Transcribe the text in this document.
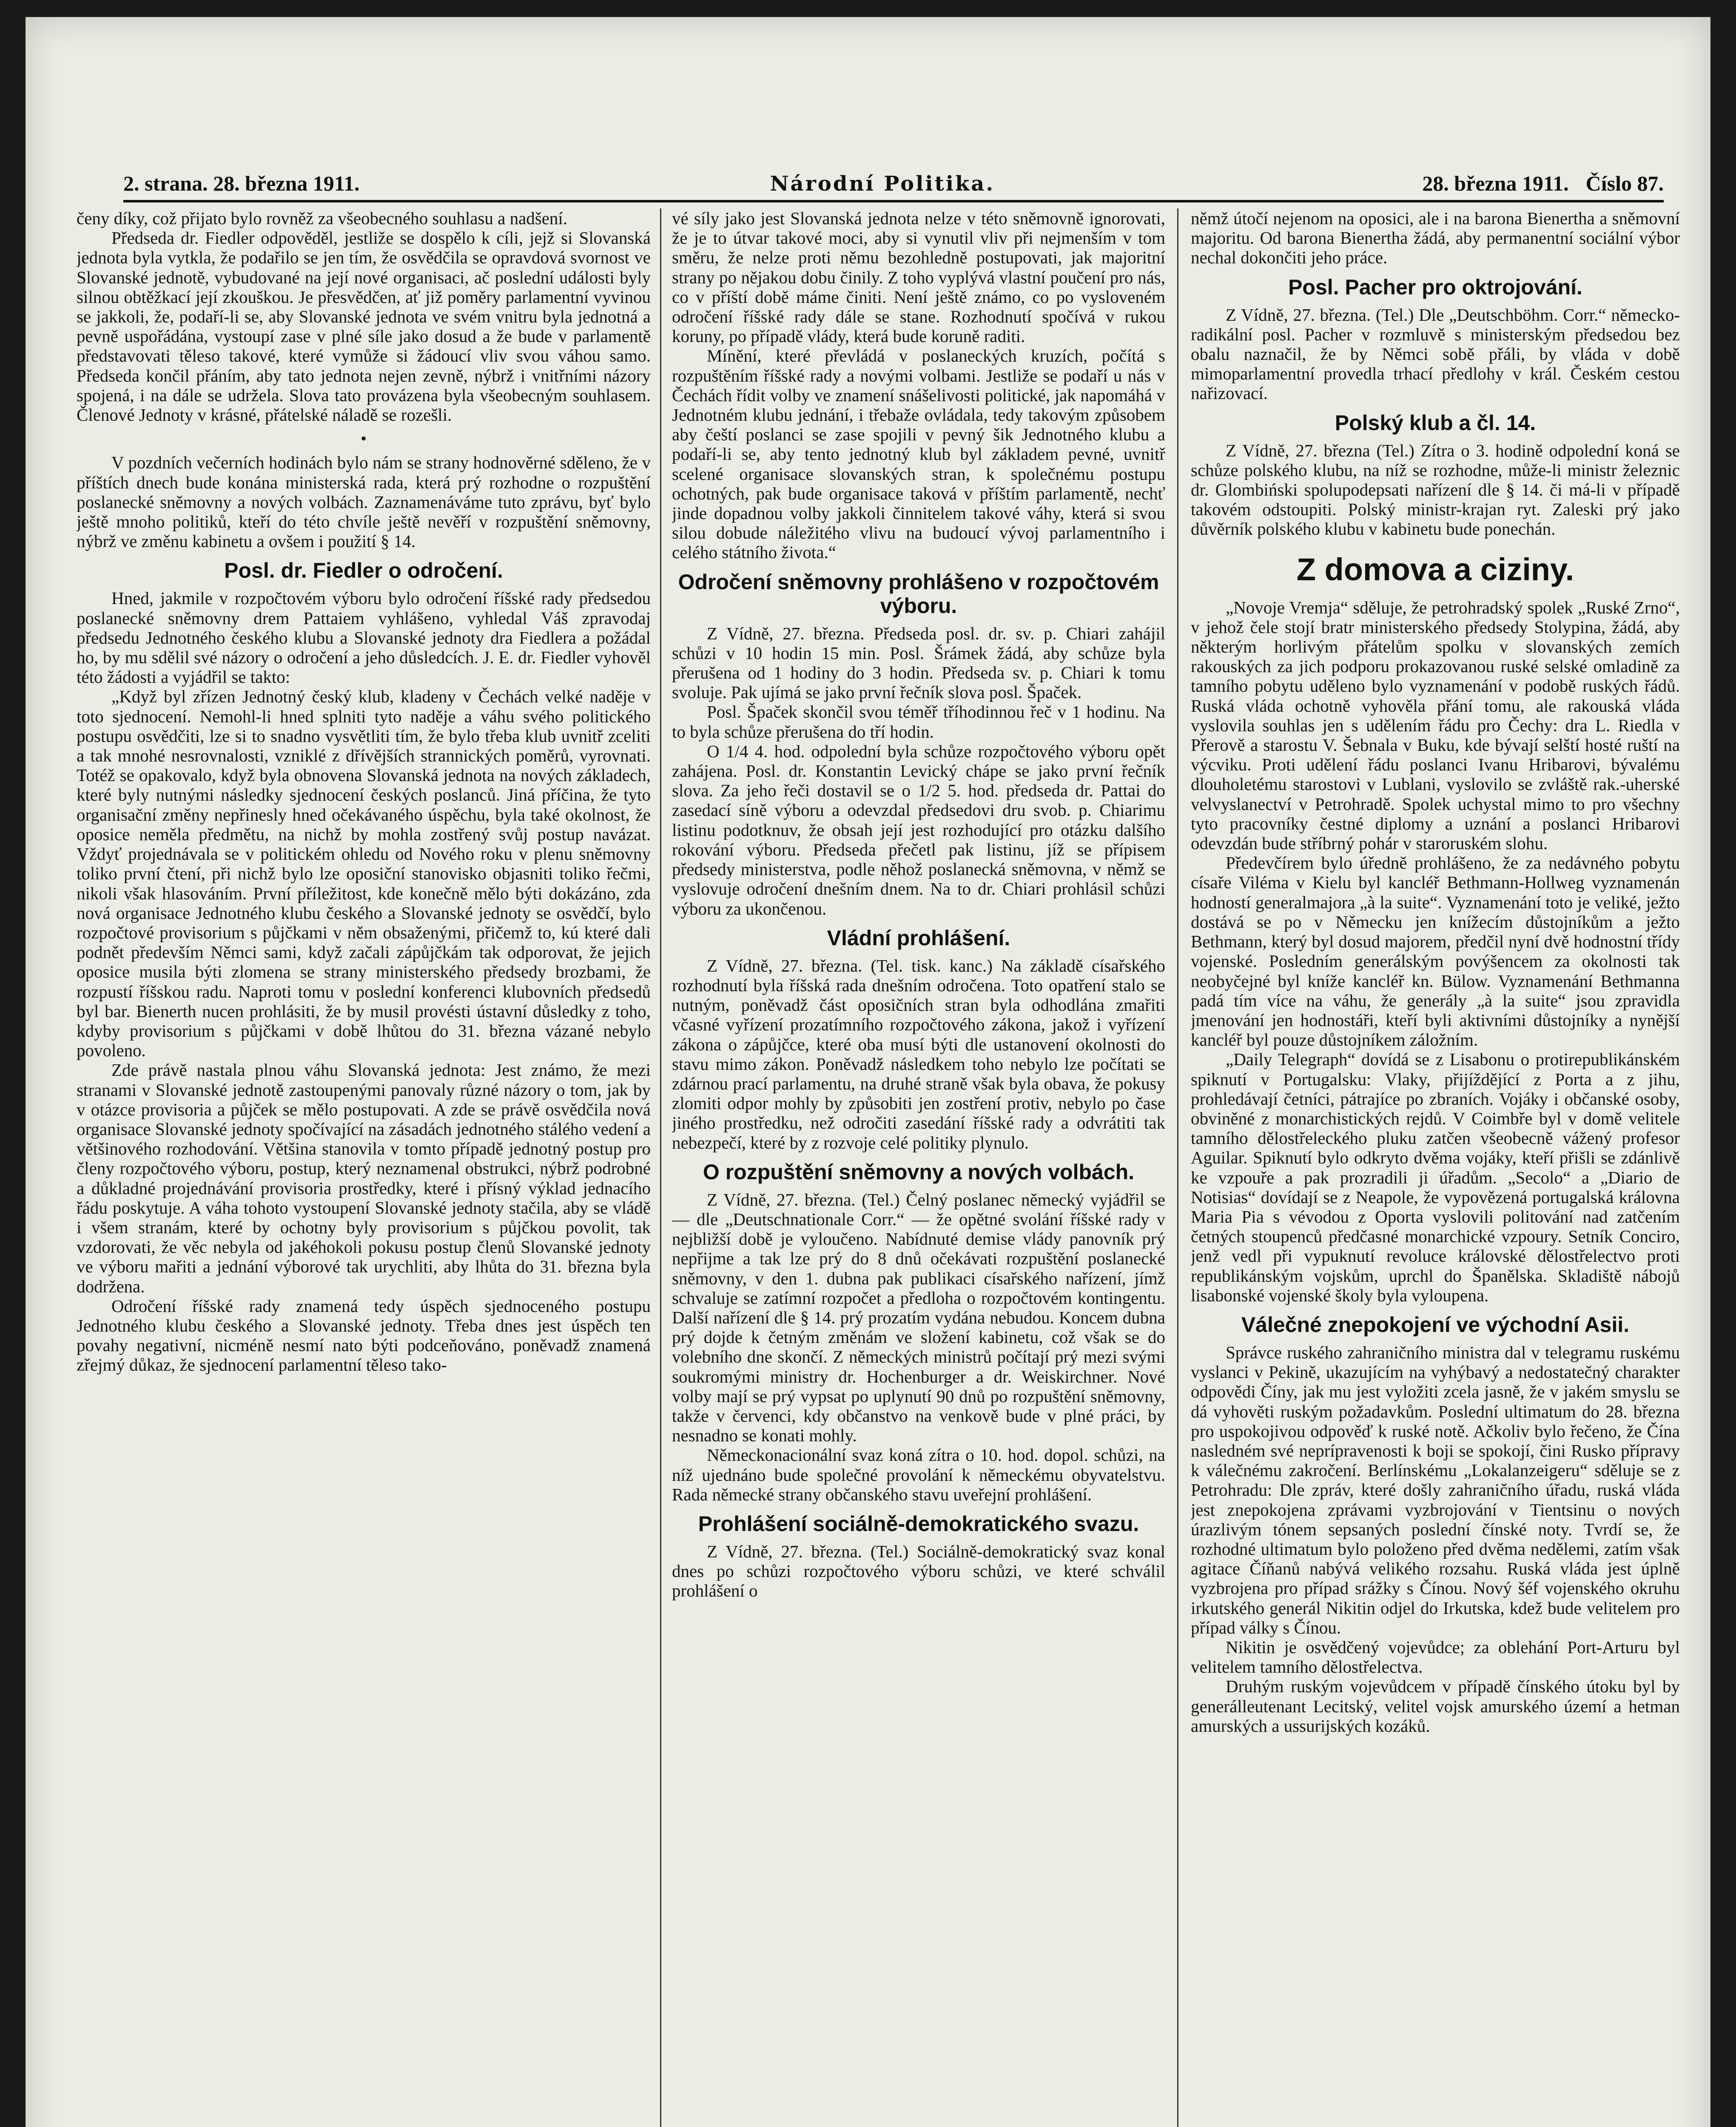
2. strana. 28. března 1911.	Národní Politika.	28. března 1911. Číslo 87.

čeny díky, což přijato bylo rovněž za všeobecného souhlasu a nadšení.

Předseda dr. Fiedler odpověděl, jestliže se dospělo k cíli, jejž si Slovanská jednota byla vytkla, že podařilo se jen tím, že osvědčila se opravdová svornost ve Slovanské jednotě, vybudované na její nové organisaci, ač poslední události byly silnou obtěžkací její zkouškou. Je přesvědčen, ať již poměry parlamentní vyvinou se jakkoli, že, podaří-li se, aby Slovanské jednota ve svém vnitru byla jednotná a pevně uspořádána, vystoupí zase v plné síle jako dosud a že bude v parlamentě představovati těleso takové, které vymůže si žádoucí vliv svou váhou samo. Předseda končil přáním, aby tato jednota nejen zevně, nýbrž i vnitřními názory spojená, i na dále se udržela. Slova tato provázena byla všeobecným souhlasem. Členové Jednoty v krásné, přátelské náladě se rozešli.

•

V pozdních večerních hodinách bylo nám se strany hodnověrné sděleno, že v příštích dnech bude konána ministerská rada, která prý rozhodne o rozpuštění poslanecké sněmovny a nových volbách. Zaznamenáváme tuto zprávu, byť bylo ještě mnoho politiků, kteří do této chvíle ještě nevěří v rozpuštění sněmovny, nýbrž ve změnu kabinetu a ovšem i použití § 14.

Posl. dr. Fiedler o odročení.

Hned, jakmile v rozpočtovém výboru bylo odročení říšské rady předsedou poslanecké sněmovny drem Pattaiem vyhlášeno, vyhledal Váš zpravodaj předsedu Jednotného českého klubu a Slovanské jednoty dra Fiedlera a požádal ho, by mu sdělil své názory o odročení a jeho důsledcích. J. E. dr. Fiedler vyhověl této žádosti a vyjádřil se takto:

„Když byl zřízen Jednotný český klub, kladeny v Čechách velké naděje v toto sjednocení. Nemohl-li hned splniti tyto naděje a váhu svého politického postupu osvědčiti, lze si to snadno vysvětliti tím, že bylo třeba klub uvnitř zceliti a tak mnohé nesrovnalosti, vzniklé z dřívějších strannických poměrů, vyrovnati. Totéž se opakovalo, když byla obnovena Slovanská jednota na nových základech, které byly nutnými následky sjednocení českých poslanců. Jiná příčina, že tyto organisační změny nepřinesly hned očekávaného úspěchu, byla také okolnost, že oposice neměla předmětu, na nichž by mohla zostřený svůj postup navázat. Vždyť projednávala se v politickém ohledu od Nového roku v plenu sněmovny toliko první čtení, při nichž bylo lze oposiční stanovisko objasniti toliko řečmi, nikoli však hlasováním. První příležitost, kde konečně mělo býti dokázáno, zda nová organisace Jednotného klubu českého a Slovanské jednoty se osvědčí, bylo rozpočtové provisorium s půjčkami v něm obsaženými, přičemž to, kú které dali podnět především Němci sami, když začali zápůjčkám tak odporovat, že jejich oposice musila býti zlomena se strany ministerského předsedy brozbami, že rozpustí říšskou radu. Naproti tomu v poslední konferenci klubovních předsedů byl bar. Bienerth nucen prohlásiti, že by musil provésti ústavní důsledky z toho, kdyby provisorium s půjčkami v době lhůtou do 31. března vázané nebylo povoleno.

Zde právě nastala plnou váhu Slovanská jednota: Jest známo, že mezi stranami v Slovanské jednotě zastoupenými panovaly různé názory o tom, jak by v otázce provisoria a půjček se mělo postupovati. A zde se právě osvědčila nová organisace Slovanské jednoty spočívající na zásadách jednotného stálého vedení a většinového rozhodování. Většina stanovila v tomto případě jednotný postup pro členy rozpočtového výboru, postup, který neznamenal obstrukci, nýbrž podrobné a důkladné projednávání provisoria prostředky, které i přísný výklad jednacího řádu poskytuje. A váha tohoto vystoupení Slovanské jednoty stačila, aby se vládě i všem stranám, které by ochotny byly provisorium s půjčkou povolit, tak vzdorovati, že věc nebyla od jakéhokoli pokusu postup členů Slovanské jednoty ve výboru mařiti a jednání výborové tak urychliti, aby lhůta do 31. března byla dodržena.

Odročení říšské rady znamená tedy úspěch sjednoceného postupu Jednotného klubu českého a Slovanské jednoty. Třeba dnes jest úspěch ten povahy negativní, nicméně nesmí nato býti podceňováno, poněvadž znamená zřejmý důkaz, že sjednocení parlamentní těleso tako-

vé síly jako jest Slovanská jednota nelze v této sněmovně ignorovati, že je to útvar takové moci, aby si vynutil vliv při nejmenším v tom směru, že nelze proti němu bezohledně postupovati, jak majoritní strany po nějakou dobu činily. Z toho vyplývá vlastní poučení pro nás, co v příští době máme činiti. Není ještě známo, co po vysloveném odročení říšské rady dále se stane. Rozhodnutí spočívá v rukou koruny, po případě vlády, která bude koruně raditi.

Mínění, které převládá v poslaneckých kruzích, počítá s rozpuštěním říšské rady a novými volbami. Jestliže se podaří u nás v Čechách řídit volby ve znamení snášelivosti politické, jak napomáhá v Jednotném klubu jednání, i třebaže ovládala, tedy takovým způsobem aby čeští poslanci se zase spojili v pevný šik Jednotného klubu a podaří-li se, aby tento jednotný klub byl základem pevné, uvnitř scelené organisace slovanských stran, k společnému postupu ochotných, pak bude organisace taková v příštím parlamentě, nechť jinde dopadnou volby jakkoli činnitelem takové váhy, která si svou silou dobude náležitého vlivu na budoucí vývoj parlamentního i celého státního života.“

Odročení sněmovny prohlášeno v rozpočtovém výboru.

Z Vídně, 27. března. Předseda posl. dr. sv. p. Chiari zahájil schůzi v 10 hodin 15 min. Posl. Šrámek žádá, aby schůze byla přerušena od 1 hodiny do 3 hodin. Předseda sv. p. Chiari k tomu svoluje. Pak ujímá se jako první řečník slova posl. Špaček.

Posl. Špaček skončil svou téměř tříhodinnou řeč v 1 hodinu. Na to byla schůze přerušena do tří hodin.

O 1/4 4. hod. odpolední byla schůze rozpočtového výboru opět zahájena. Posl. dr. Konstantin Levický chápe se jako první řečník slova. Za jeho řeči dostavil se o 1/2 5. hod. předseda dr. Pattai do zasedací síně výboru a odevzdal předsedovi dru svob. p. Chiarimu listinu podotknuv, že obsah její jest rozhodující pro otázku dalšího rokování výboru. Předseda přečetl pak listinu, jíž se přípisem předsedy ministerstva, podle něhož poslanecká sněmovna, v němž se vyslovuje odročení dnešním dnem. Na to dr. Chiari prohlásil schůzi výboru za ukončenou.

Vládní prohlášení.

Z Vídně, 27. března. (Tel. tisk. kanc.) Na základě císařského rozhodnutí byla říšská rada dnešním odročena. Toto opatření stalo se nutným, poněvadž část oposičních stran byla odhodlána zmařiti včasné vyřízení prozatímního rozpočtového zákona, jakož i vyřízení zákona o zápůjčce, které oba musí býti dle ustanovení okolnosti do stavu mimo zákon. Poněvadž následkem toho nebylo lze počítati se zdárnou prací parlamentu, na druhé straně však byla obava, že pokusy zlomiti odpor mohly by způsobiti jen zostření protiv, nebylo po čase jiného prostředku, než odročiti zasedání říšské rady a odvrátiti tak nebezpečí, které by z rozvoje celé politiky plynulo.

O rozpuštění sněmovny a nových volbách.

Z Vídně, 27. března. (Tel.) Čelný poslanec německý vyjádřil se — dle „Deutschnationale Corr.“ — že opětné svolání říšské rady v nejbližší době je vyloučeno. Nabídnuté demise vlády panovník prý nepřijme a tak lze prý do 8 dnů očekávati rozpuštění poslanecké sněmovny, v den 1. dubna pak publikaci císařského nařízení, jímž schvaluje se zatímní rozpočet a předloha o rozpočtovém kontingentu. Další nařízení dle § 14. prý prozatím vydána nebudou. Koncem dubna prý dojde k četným změnám ve složení kabinetu, což však se do volebního dne skončí. Z německých ministrů počítají prý mezi svými soukromými ministry dr. Hochenburger a dr. Weiskirchner. Nové volby mají se prý vypsat po uplynutí 90 dnů po rozpuštění sněmovny, takže v červenci, kdy občanstvo na venkově bude v plné práci, by nesnadno se konati mohly.

Německonacionální svaz koná zítra o 10. hod. dopol. schůzi, na níž ujednáno bude společné provolání k německému obyvatelstvu. Rada německé strany občanského stavu uveřejní prohlášení.

Prohlášení sociálně-demokratického svazu.

Z Vídně, 27. března. (Tel.) Sociálně-demokratický svaz konal dnes po schůzi rozpočtového výboru schůzi, ve které schválil prohlášení o

němž útočí nejenom na oposici, ale i na barona Bienertha a sněmovní majoritu. Od barona Bienertha žádá, aby permanentní sociální výbor nechal dokončiti jeho práce.

Posl. Pacher pro oktrojování.

Z Vídně, 27. března. (Tel.) Dle „Deutschböhm. Corr.“ německo-radikální posl. Pacher v rozmluvě s ministerským předsedou bez obalu naznačil, že by Němci sobě přáli, by vláda v době mimoparlamentní provedla trhací předlohy v král. Českém cestou nařizovací.

Polský klub a čl. 14.

Z Vídně, 27. března (Tel.) Zítra o 3. hodině odpolední koná se schůze polského klubu, na níž se rozhodne, může-li ministr železnic dr. Glombiński spolupodepsati nařízení dle § 14. či má-li v případě takovém odstoupiti. Polský ministr-krajan ryt. Zaleski prý jako důvěrník polského klubu v kabinetu bude ponechán.

Z domova a ciziny.

„Novoje Vremja“ sděluje, že petrohradský spolek „Ruské Zrno“, v jehož čele stojí bratr ministerského předsedy Stolypina, žádá, aby některým horlivým přátelům spolku v slovanských zemích rakouských za jich podporu prokazovanou ruské selské omladině za tamního pobytu uděleno bylo vyznamenání v podobě ruských řádů. Ruská vláda ochotně vyhověla přání tomu, ale rakouská vláda vyslovila souhlas jen s udělením řádu pro Čechy: dra L. Riedla v Přerově a starostu V. Šebnala v Buku, kde bývají selští hosté ruští na výcviku. Proti udělení řádu poslanci Ivanu Hribarovi, bývalému dlouholetému starostovi v Lublani, vyslovilo se zvláště rak.-uherské velvyslanectví v Petrohradě. Spolek uchystal mimo to pro všechny tyto pracovníky čestné diplomy a uznání a poslanci Hribarovi odevzdán bude stříbrný pohár v staroruském slohu.

Předevčírem bylo úředně prohlášeno, že za nedávného pobytu císaře Viléma v Kielu byl kancléř Bethmann-Hollweg vyznamenán hodností generalmajora „à la suite“. Vyznamenání toto je veliké, ježto dostává se po v Německu jen knížecím důstojníkům a ježto Bethmann, který byl dosud majorem, předčil nyní dvě hodnostní třídy vojenské. Posledním generálským povýšencem za okolnosti tak neobyčejné byl kníže kancléř kn. Bülow. Vyznamenání Bethmanna padá tím více na váhu, že generály „à la suite“ jsou zpravidla jmenování jen hodnostáři, kteří byli aktivními důstojníky a nynější kancléř byl pouze důstojníkem záložním.

„Daily Telegraph“ dovídá se z Lisabonu o protirepublikánském spiknutí v Portugalsku: Vlaky, přijíždějící z Porta a z jihu, prohledávají četníci, pátrajíce po zbraních. Vojáky i občanské osoby, obviněné z monarchistických rejdů. V Coimbře byl v domě velitele tamního dělostřeleckého pluku zatčen všeobecně vážený profesor Aguilar. Spiknutí bylo odkryto dvěma vojáky, kteří přišli se zdánlivě ke vzpouře a pak prozradili ji úřadům. „Secolo“ a „Diario de Notisias“ dovídají se z Neapole, že vypovězená portugalská královna Maria Pia s vévodou z Oporta vyslovili politování nad zatčením četných stoupenců předčasné monarchické vzpoury. Setník Conciro, jenž vedl při vypuknutí revoluce královské dělostřelectvo proti republikánským vojskům, uprchl do Španělska. Skladiště nábojů lisabonské vojenské školy byla vyloupena.

Válečné znepokojení ve východní Asii.

Správce ruského zahraničního ministra dal v telegramu ruskému vyslanci v Pekině, ukazujícím na vyhýbavý a nedostatečný charakter odpovědi Číny, jak mu jest vyložiti zcela jasně, že v jakém smyslu se dá vyhověti ruským požadavkům. Poslední ultimatum do 28. března pro uspokojivou odpověď k ruské notě. Ačkoliv bylo řečeno, že Čína nasledném své neprípravenosti k boji se spokojí, čini Rusko přípravy k válečnému zakročení. Berlínskému „Lokalanzeigeru“ sděluje se z Petrohradu: Dle zpráv, které došly zahraničního úřadu, ruská vláda jest znepokojena zprávami vyzbrojování v Tientsinu o nových úrazlivým tónem sepsaných poslední čínské noty. Tvrdí se, že rozhodné ultimatum bylo položeno před dvěma nedělemi, zatím však agitace Číňanů nabývá velikého rozsahu. Ruská vláda jest úplně vyzbrojena pro případ srážky s Čínou. Nový šéf vojenského okruhu irkutského generál Nikitin odjel do Irkutska, kdež bude velitelem pro případ války s Čínou.

Nikitin je osvědčený vojevůdce; za oblehání Port-Arturu byl velitelem tamního dělostřelectva.

Druhým ruským vojevůdcem v případě čínského útoku byl by generálleutenant Lecitský, velitel vojsk amurského území a hetman amurských a ussurijských kozáků.
